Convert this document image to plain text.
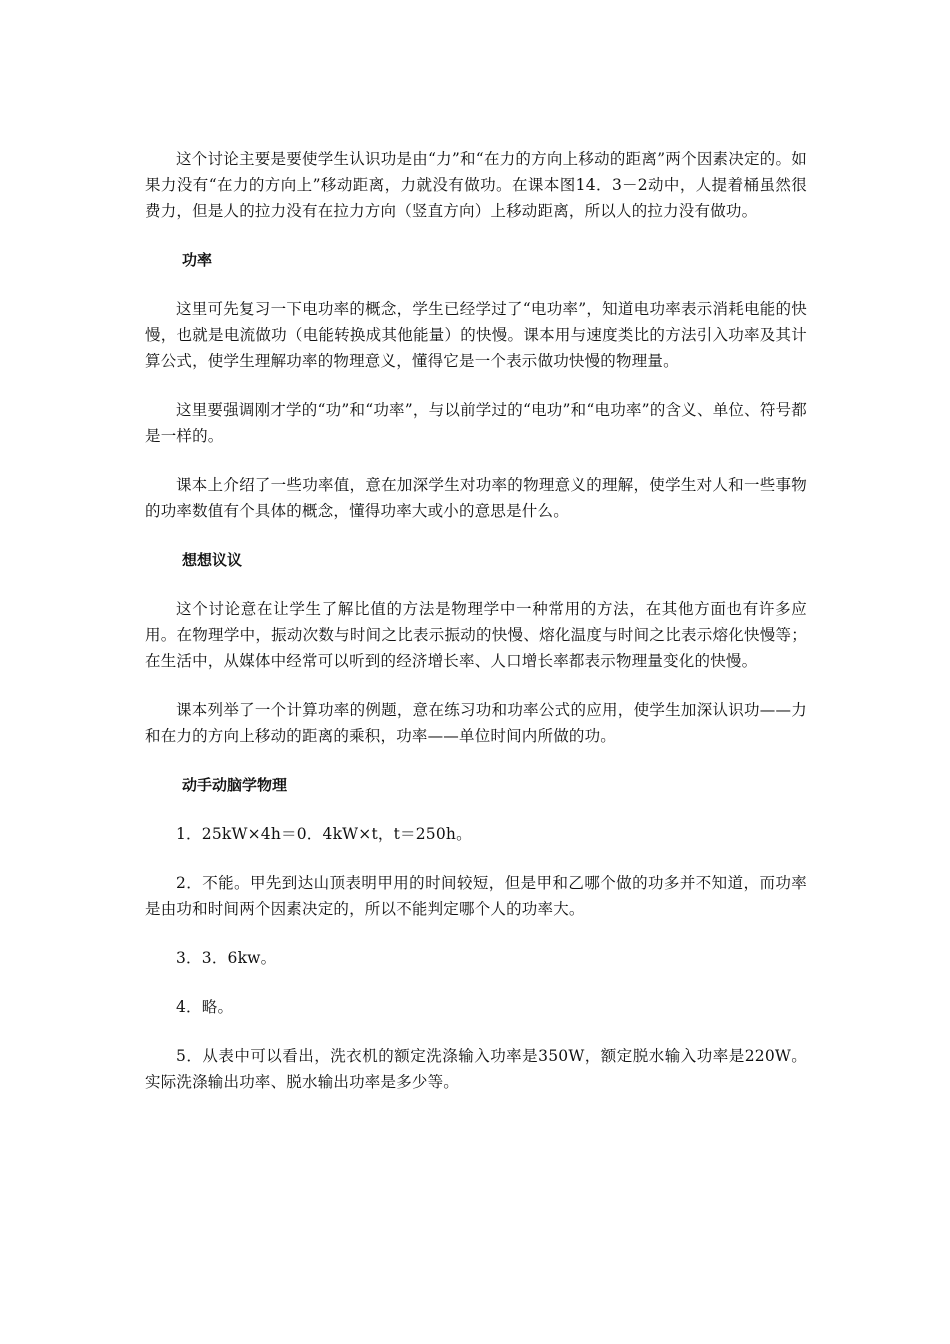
这个讨论主要是要使学生认识功是由“力”和“在力的方向上移动的距离”两个因素决定的。如果力没有“在力的方向上”移动距离，力就没有做功。在课本图14．3－2动中，人提着桶虽然很费力，但是人的拉力没有在拉力方向（竖直方向）上移动距离，所以人的拉力没有做功。

功率

这里可先复习一下电功率的概念，学生已经学过了“电功率”，知道电功率表示消耗电能的快慢，也就是电流做功（电能转换成其他能量）的快慢。课本用与速度类比的方法引入功率及其计算公式，使学生理解功率的物理意义，懂得它是一个表示做功快慢的物理量。

这里要强调刚才学的“功”和“功率”，与以前学过的“电功”和“电功率”的含义、单位、符号都是一样的。

课本上介绍了一些功率值，意在加深学生对功率的物理意义的理解，使学生对人和一些事物的功率数值有个具体的概念，懂得功率大或小的意思是什么。

想想议议

这个讨论意在让学生了解比值的方法是物理学中一种常用的方法，在其他方面也有许多应用。在物理学中，振动次数与时间之比表示振动的快慢、熔化温度与时间之比表示熔化快慢等；在生活中，从媒体中经常可以听到的经济增长率、人口增长率都表示物理量变化的快慢。

课本列举了一个计算功率的例题，意在练习功和功率公式的应用，使学生加深认识功——力和在力的方向上移动的距离的乘积，功率——单位时间内所做的功。

动手动脑学物理

1．25kW×4h＝0．4kW×t，t＝250h。

2．不能。甲先到达山顶表明甲用的时间较短，但是甲和乙哪个做的功多并不知道，而功率是由功和时间两个因素决定的，所以不能判定哪个人的功率大。

3．3．6kw。

4．略。

5．从表中可以看出，洗衣机的额定洗涤输入功率是350W，额定脱水输入功率是220W。实际洗涤输出功率、脱水输出功率是多少等。
